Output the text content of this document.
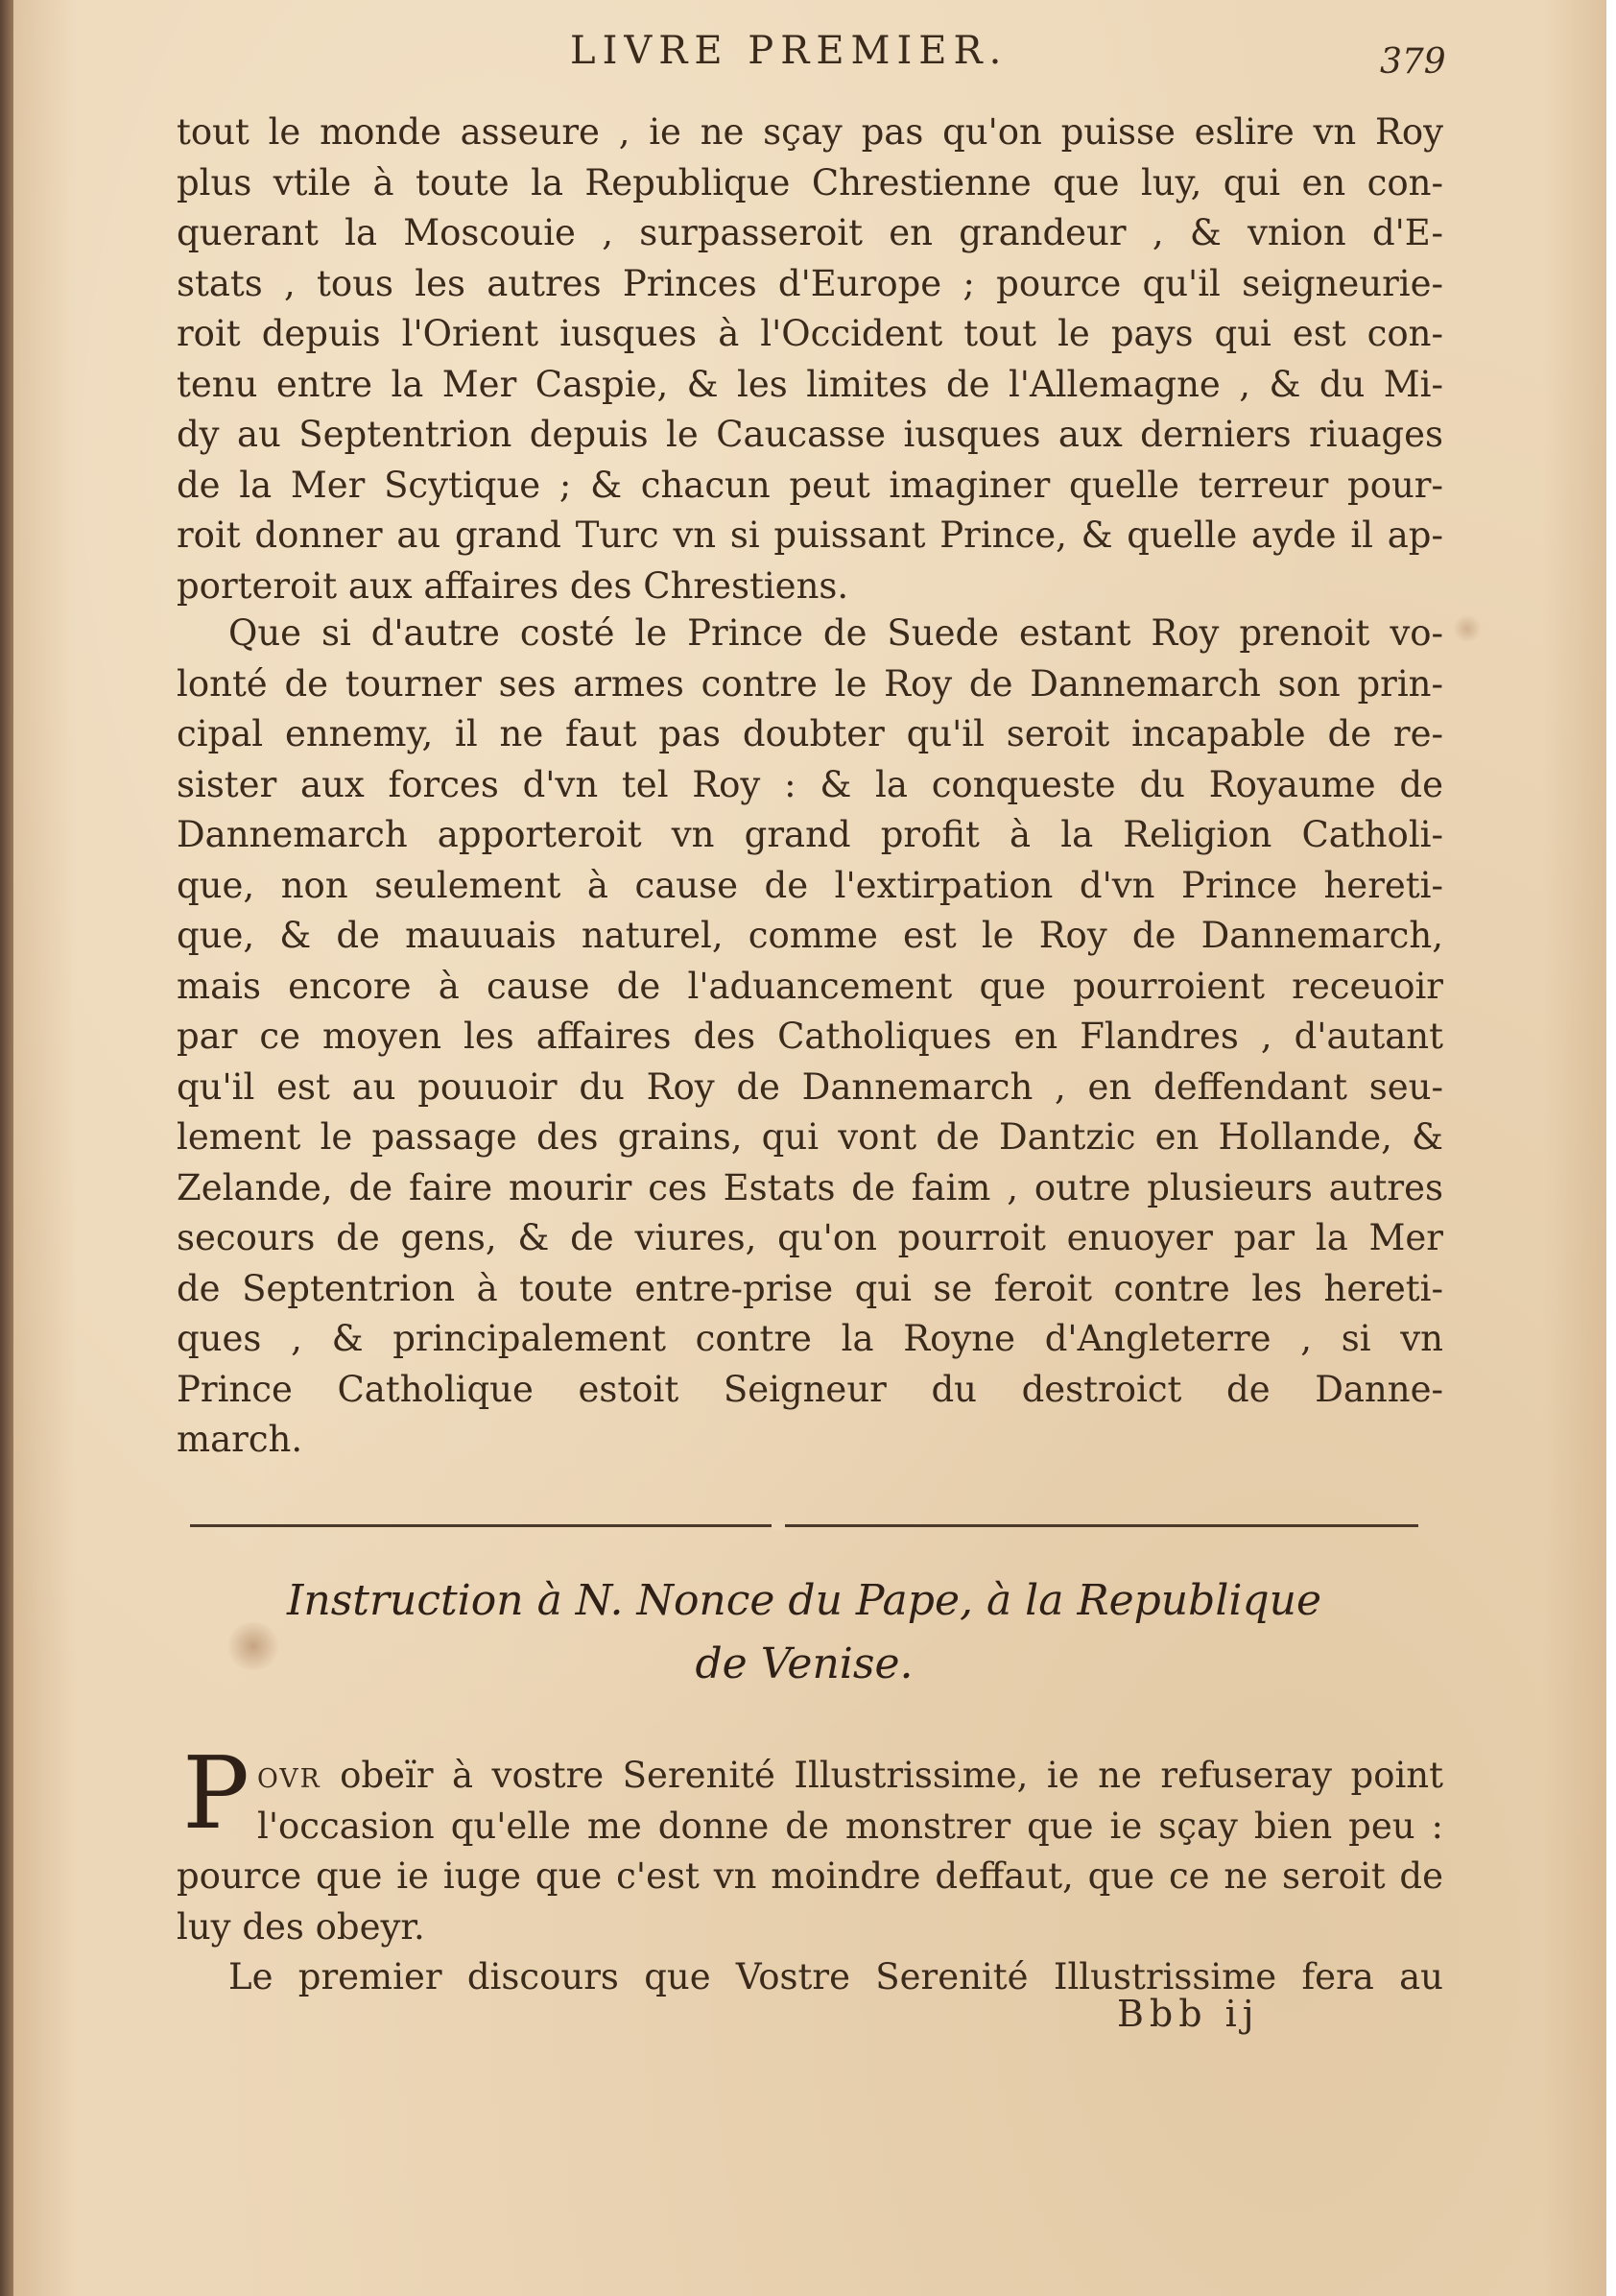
LIVRE PREMIER.	379
tout le monde asseure , ie ne sçay pas qu'on puisse eslire vn Roy
plus vtile à toute la Republique Chrestienne que luy, qui en con-
querant la Moscouie , surpasseroit en grandeur , & vnion d'E-
stats , tous les autres Princes d'Europe ; pource qu'il seigneurie-
roit depuis l'Orient iusques à l'Occident tout le pays qui est con-
tenu entre la Mer Caspie, & les limites de l'Allemagne , & du Mi-
dy au Septentrion depuis le Caucasse iusques aux derniers riuages
de la Mer Scytique ; & chacun peut imaginer quelle terreur pour-
roit donner au grand Turc vn si puissant Prince, & quelle ayde il ap-
porteroit aux affaires des Chrestiens.
Que si d'autre costé le Prince de Suede estant Roy prenoit vo-
lonté de tourner ses armes contre le Roy de Dannemarch son prin-
cipal ennemy, il ne faut pas doubter qu'il seroit incapable de re-
sister aux forces d'vn tel Roy : & la conqueste du Royaume de
Dannemarch apporteroit vn grand profit à la Religion Catholi-
que, non seulement à cause de l'extirpation d'vn Prince hereti-
que, & de mauuais naturel, comme est le Roy de Dannemarch,
mais encore à cause de l'aduancement que pourroient receuoir
par ce moyen les affaires des Catholiques en Flandres , d'autant
qu'il est au pouuoir du Roy de Dannemarch , en deffendant seu-
lement le passage des grains, qui vont de Dantzic en Hollande, &
Zelande, de faire mourir ces Estats de faim , outre plusieurs autres
secours de gens, & de viures, qu'on pourroit enuoyer par la Mer
de Septentrion à toute entre-prise qui se feroit contre les hereti-
ques , & principalement contre la Royne d'Angleterre , si vn
Prince Catholique estoit Seigneur du destroict de Danne-
march.
Instruction à N. Nonce du Pape, à la Republique
de Venise.
P OVR obeïr à vostre Serenité Illustrissime, ie ne refuseray point
l'occasion qu'elle me donne de monstrer que ie sçay bien peu :
pource que ie iuge que c'est vn moindre deffaut, que ce ne seroit de
luy des obeyr.
Le premier discours que Vostre Serenité Illustrissime fera au
Bbb ij
